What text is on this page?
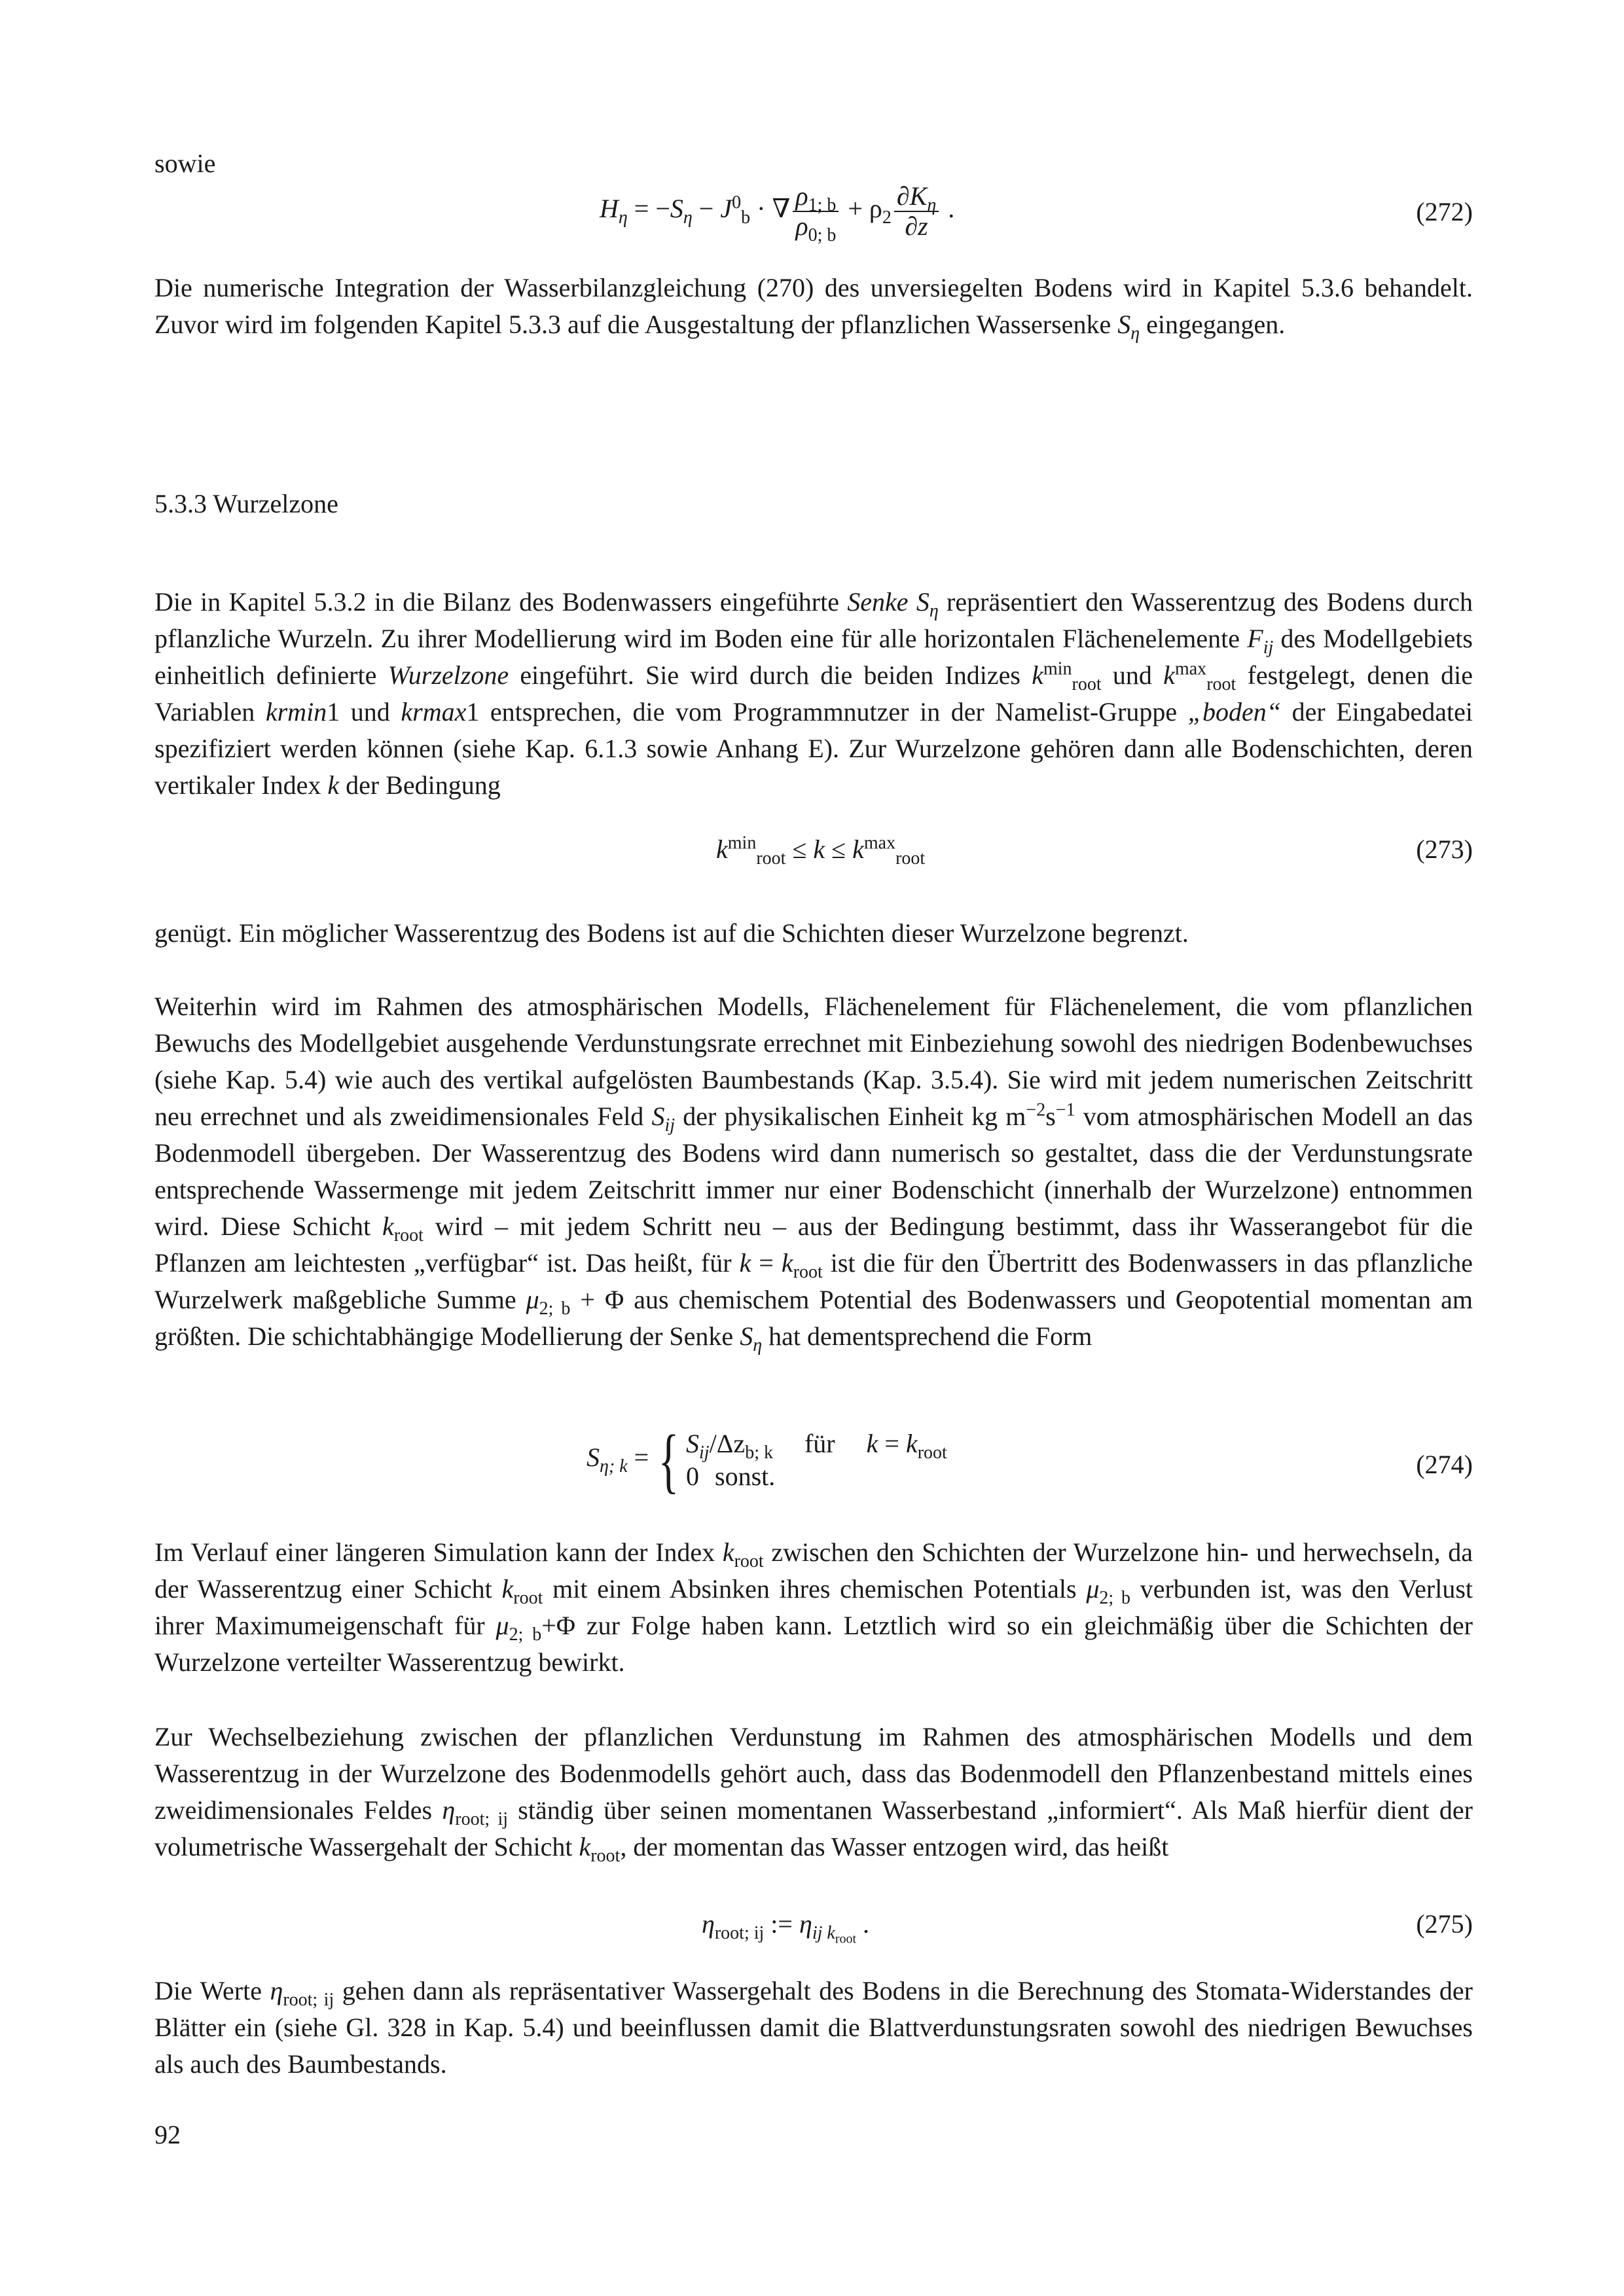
sowie

$H_\eta = -S_\eta - J^0_b$ · ∇ $\frac{\rho_{1; b}}{\rho_{0; b}} + \rho_2 \frac{\partial K_\eta}{\partial z}$ .	(272)

Die numerische Integration der Wasserbilanzgleichung (270) des unversiegelten Bodens wird in Kapitel 5.3.6 behandelt. Zuvor wird im folgenden Kapitel 5.3.3 auf die Ausgestaltung der pflanzlichen Wassersenke $S_\eta$ eingegangen.

5.3.3 Wurzelzone

Die in Kapitel 5.3.2 in die Bilanz des Bodenwassers eingeführte Senke $S_\eta$ repräsentiert den Wasserentzug des Bodens durch pflanzliche Wurzeln. Zu ihrer Modellierung wird im Boden eine für alle horizontalen Flächenelemente $F_{ij}$ des Modellgebiets einheitlich definierte Wurzelzone eingeführt. Sie wird durch die beiden Indizes $k^{min}_{root}$ und $k^{max}_{root}$ festgelegt, denen die Variablen krmin1 und krmax1 entsprechen, die vom Programmnutzer in der Namelist-Gruppe „boden“ der Eingabedatei spezifiziert werden können (siehe Kap. 6.1.3 sowie Anhang E). Zur Wurzelzone gehören dann alle Bodenschichten, deren vertikaler Index k der Bedingung

$k^{min}_{root} \le k \le k^{max}_{root}$	(273)

genügt. Ein möglicher Wasserentzug des Bodens ist auf die Schichten dieser Wurzelzone begrenzt.

Weiterhin wird im Rahmen des atmosphärischen Modells, Flächenelement für Flächenelement, die vom pflanzlichen Bewuchs des Modellgebiet ausgehende Verdunstungsrate errechnet mit Einbeziehung sowohl des niedrigen Bodenbewuchses (siehe Kap. 5.4) wie auch des vertikal aufgelösten Baumbestands (Kap. 3.5.4). Sie wird mit jedem numerischen Zeitschritt neu errechnet und als zweidimensionales Feld $S_{ij}$ der physikalischen Einheit kg $m^{-2}s^{-1}$ vom atmosphärischen Modell an das Bodenmodell übergeben. Der Wasserentzug des Bodens wird dann numerisch so gestaltet, dass die der Verdunstungsrate entsprechende Wassermenge mit jedem Zeitschritt immer nur einer Bodenschicht (innerhalb der Wurzelzone) entnommen wird. Diese Schicht $k_{root}$ wird – mit jedem Schritt neu – aus der Bedingung bestimmt, dass ihr Wasserangebot für die Pflanzen am leichtesten „verfügbar“ ist. Das heißt, für $k = k_{root}$ ist die für den Übertritt des Bodenwassers in das pflanzliche Wurzelwerk maßgebliche Summe $\mu_{2; b} + \Phi$ aus chemischem Potential des Bodenwassers und Geopotential momentan am größten. Die schichtabhängige Modellierung der Senke $S_\eta$ hat dementsprechend die Form

$S_{\eta; k}$ = { $S_{ij}/\Delta z_{b; k}$ für $k = k_{root}$
0 sonst.	(274)

Im Verlauf einer längeren Simulation kann der Index $k_{root}$ zwischen den Schichten der Wurzelzone hin- und herwechseln, da der Wasserentzug einer Schicht $k_{root}$ mit einem Absinken ihres chemischen Potentials $\mu_{2; b}$ verbunden ist, was den Verlust ihrer Maximumeigenschaft für $\mu_{2; b}+\Phi$ zur Folge haben kann. Letztlich wird so ein gleichmäßig über die Schichten der Wurzelzone verteilter Wasserentzug bewirkt.

Zur Wechselbeziehung zwischen der pflanzlichen Verdunstung im Rahmen des atmosphärischen Modells und dem Wasserentzug in der Wurzelzone des Bodenmodells gehört auch, dass das Bodenmodell den Pflanzenbestand mittels eines zweidimensionales Feldes $\eta_{root; ij}$ ständig über seinen momentanen Wasserbestand „informiert“. Als Maß hierfür dient der volumetrische Wassergehalt der Schicht $k_{root}$, der momentan das Wasser entzogen wird, das heißt

$\eta_{root; ij}$ := $\eta_{ij k_{root}}$ .	(275)

Die Werte $\eta_{root; ij}$ gehen dann als repräsentativer Wassergehalt des Bodens in die Berechnung des Stomata-Widerstandes der Blätter ein (siehe Gl. 328 in Kap. 5.4) und beeinflussen damit die Blattverdunstungsraten sowohl des niedrigen Bewuchses als auch des Baumbestands.

92
